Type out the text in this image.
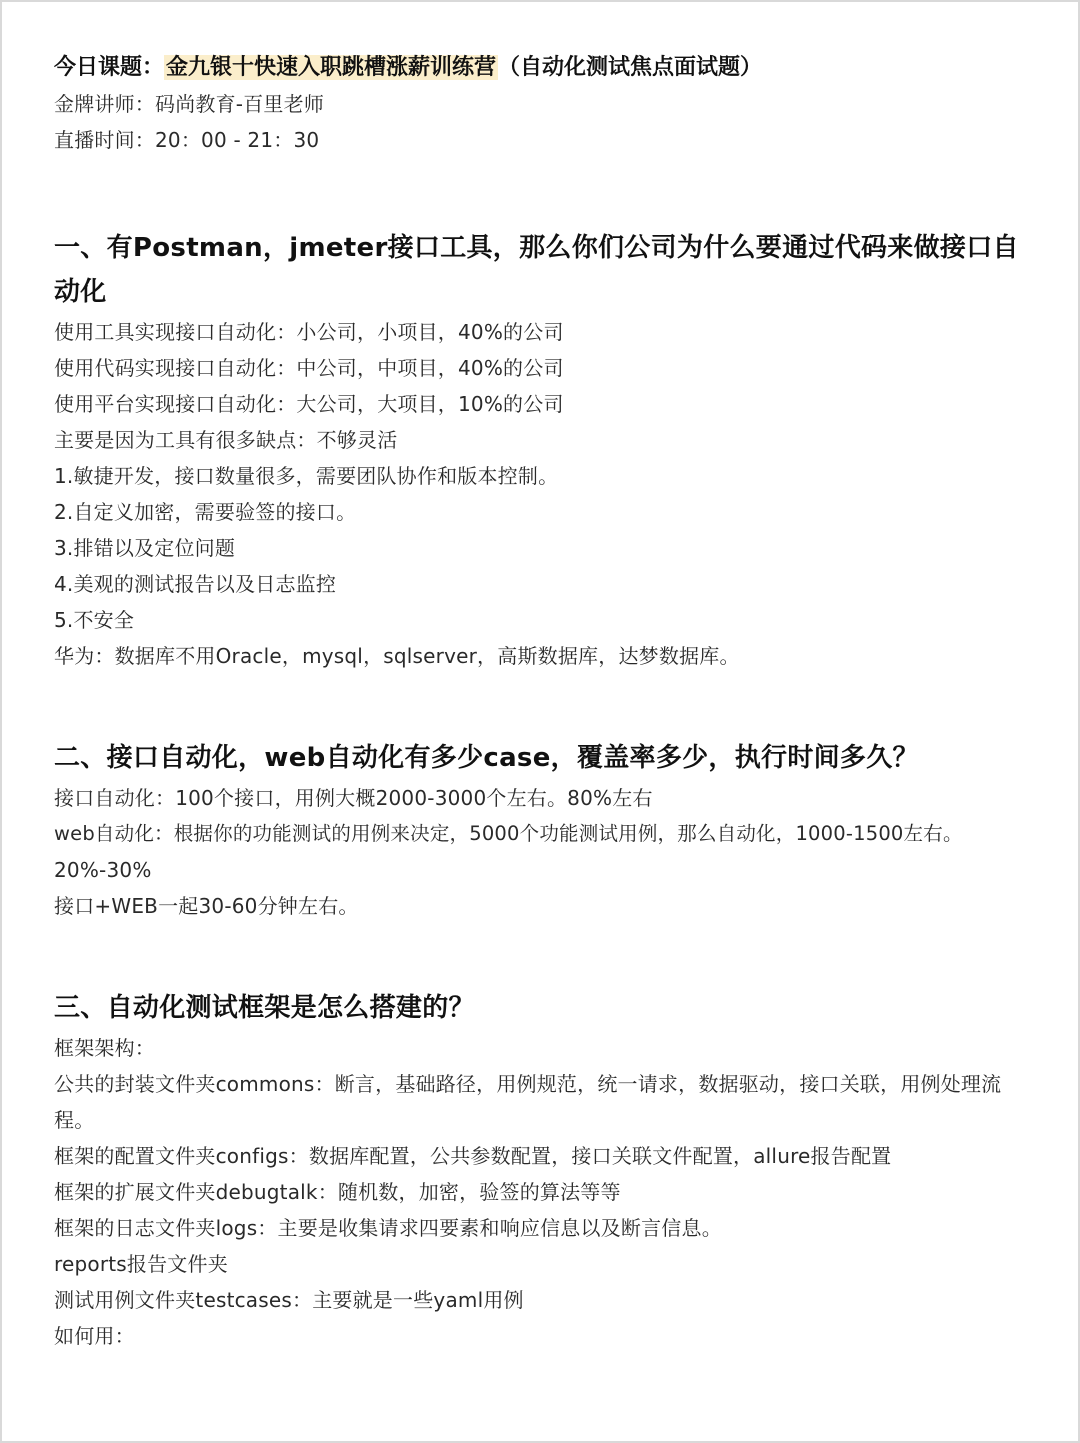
今日课题：金九银十快速入职跳槽涨薪训练营（自动化测试焦点面试题）
金牌讲师：码尚教育-百里老师
直播时间：20：00 - 21：30
一、有Postman，jmeter接口工具，那么你们公司为什么要通过代码来做接口自动化
使用工具实现接口自动化：小公司，小项目，40%的公司
使用代码实现接口自动化：中公司，中项目，40%的公司
使用平台实现接口自动化：大公司，大项目，10%的公司
主要是因为工具有很多缺点：不够灵活
1.敏捷开发，接口数量很多，需要团队协作和版本控制。
2.自定义加密，需要验签的接口。
3.排错以及定位问题
4.美观的测试报告以及日志监控
5.不安全
华为：数据库不用Oracle，mysql，sqlserver，高斯数据库，达梦数据库。
二、接口自动化，web自动化有多少case，覆盖率多少，执行时间多久？
接口自动化：100个接口，用例大概2000-3000个左右。80%左右
web自动化：根据你的功能测试的用例来决定，5000个功能测试用例，那么自动化，1000-1500左右。
20%-30%
接口+WEB一起30-60分钟左右。
三、自动化测试框架是怎么搭建的？
框架架构：
公共的封装文件夹commons：断言，基础路径，用例规范，统一请求，数据驱动，接口关联，用例处理流程。
框架的配置文件夹configs：数据库配置，公共参数配置，接口关联文件配置，allure报告配置
框架的扩展文件夹debugtalk：随机数，加密，验签的算法等等
框架的日志文件夹logs：主要是收集请求四要素和响应信息以及断言信息。
reports报告文件夹
测试用例文件夹testcases：主要就是一些yaml用例
如何用：
